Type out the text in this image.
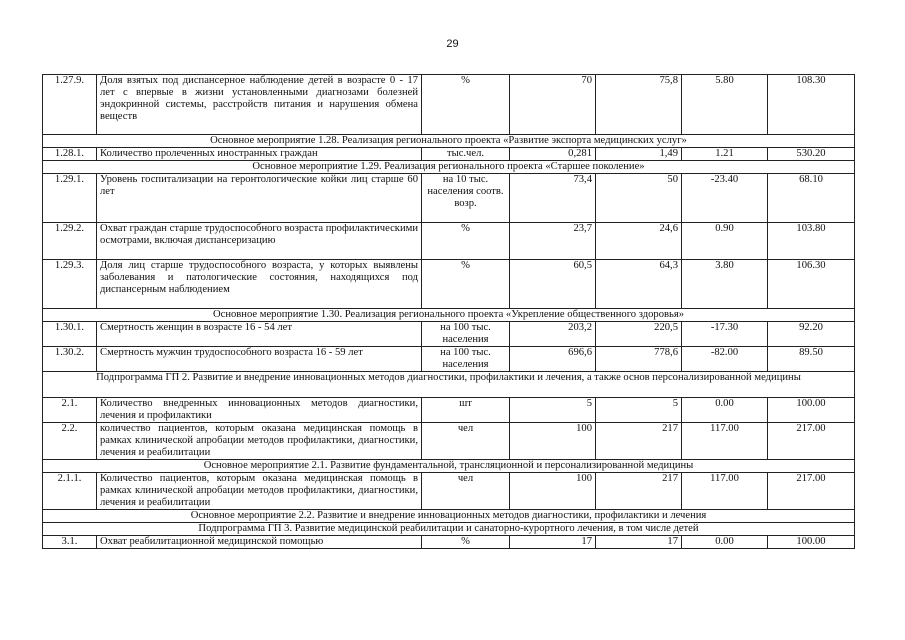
29
1.27.9.	Доля взятых под диспансерное наблюдение детей в возрасте 0 - 17 лет с впервые в жизни установленными диагнозами болезней эндокринной системы, расстройств питания и нарушения обмена веществ	%	70	75,8	5.80	108.30
Основное мероприятие 1.28. Реализация регионального проекта «Развитие экспорта медицинских услуг»						
1.28.1.	Количество пролеченных иностранных граждан	тыс.чел.	0,281	1,49	1.21	530.20
Основное мероприятие 1.29. Реализация регионального проекта «Старшее поколение»						
1.29.1.	Уровень госпитализации на геронтологические койки лиц старше 60 лет	на 10 тыс. населения соотв. возр.	73,4	50	-23.40	68.10
1.29.2.	Охват граждан старше трудоспособного возраста профилактическими осмотрами, включая диспансеризацию	%	23,7	24,6	0.90	103.80
1.29.3.	Доля лиц старше трудоспособного возраста, у которых выявлены заболевания и патологические состояния, находящихся под диспансерным наблюдением	%	60,5	64,3	3.80	106.30
Основное мероприятие 1.30. Реализация регионального проекта «Укрепление общественного здоровья»						
1.30.1.	Смертность женщин в возрасте 16 - 54 лет	на 100 тыс. населения	203,2	220,5	-17.30	92.20
1.30.2.	Смертность мужчин трудоспособного возраста 16 - 59 лет	на 100 тыс. населения	696,6	778,6	-82.00	89.50
Подпрограмма ГП 2. Развитие и внедрение инновационных методов диагностики, профилактики и лечения, а также основ персонализированной медицины						
2.1.	Количество внедренных инновационных методов диагностики, лечения и профилактики	шт	5	5	0.00	100.00
2.2.	количество пациентов, которым оказана медицинская помощь в рамках клинической апробации методов профилактики, диагностики, лечения и реабилитации	чел	100	217	117.00	217.00
Основное мероприятие 2.1. Развитие фундаментальной, трансляционной и персонализированной медицины						
2.1.1.	Количество пациентов, которым оказана медицинская помощь в рамках клинической апробации методов профилактики, диагностики, лечения и реабилитации	чел	100	217	117.00	217.00
Основное мероприятие 2.2. Развитие и внедрение инновационных методов диагностики, профилактики и лечения						
Подпрограмма ГП 3. Развитие медицинской реабилитации и санаторно-курортного лечения, в том числе детей						
3.1.	Охват реабилитационной медицинской помощью	%	17	17	0.00	100.00
